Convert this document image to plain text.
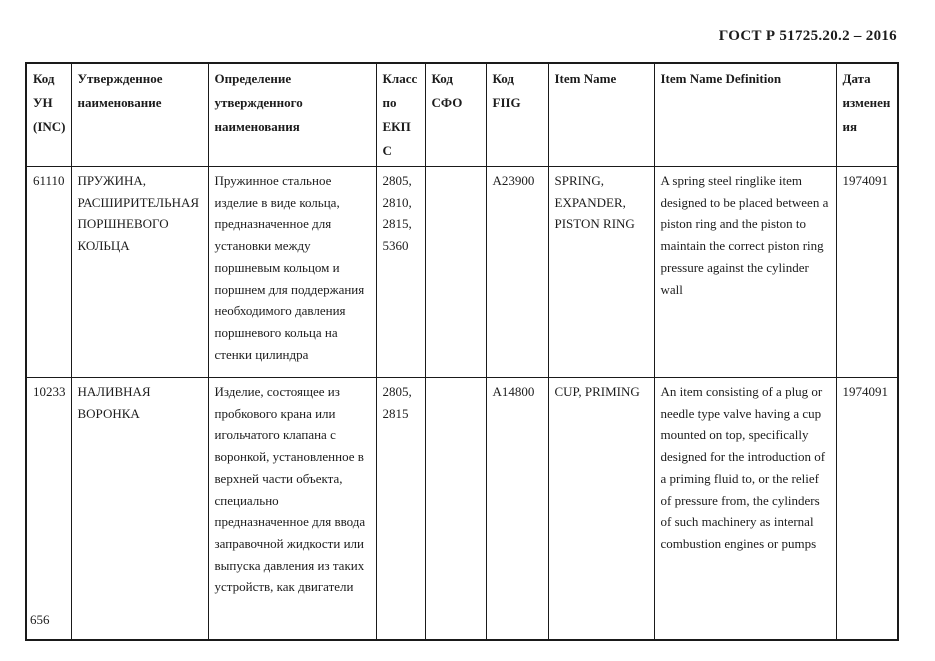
ГОСТ Р 51725.20.2 – 2016
Код УН (INC)	Утвержденное наименование	Определение утвержденного наименования	Класс по ЕКПС	Код СФО	Код FIIG	Item Name	Item Name Definition	Дата изменения
61110	ПРУЖИНА, РАСШИРИТЕЛЬНАЯ ПОРШНЕВОГО КОЛЬЦА	Пружинное стальное изделие в виде кольца, предназначенное для установки между поршневым кольцом и поршнем для поддержания необходимого давления поршневого кольца на стенки цилиндра	2805, 2810, 2815, 5360		A23900	SPRING, EXPANDER, PISTON RING	A spring steel ringlike item designed to be placed between a piston ring and the piston to maintain the correct piston ring pressure against the cylinder wall	1974091
10233	НАЛИВНАЯ ВОРОНКА	Изделие, состоящее из пробкового крана или игольчатого клапана с воронкой, установленное в верхней части объекта, специально предназначенное для ввода заправочной жидкости или выпуска давления из таких устройств, как двигатели	2805, 2815		A14800	CUP, PRIMING	An item consisting of a plug or needle type valve having a cup mounted on top, specifically designed for the introduction of a priming fluid to, or the relief of pressure from, the cylinders of such machinery as internal combustion engines or pumps	1974091
656
